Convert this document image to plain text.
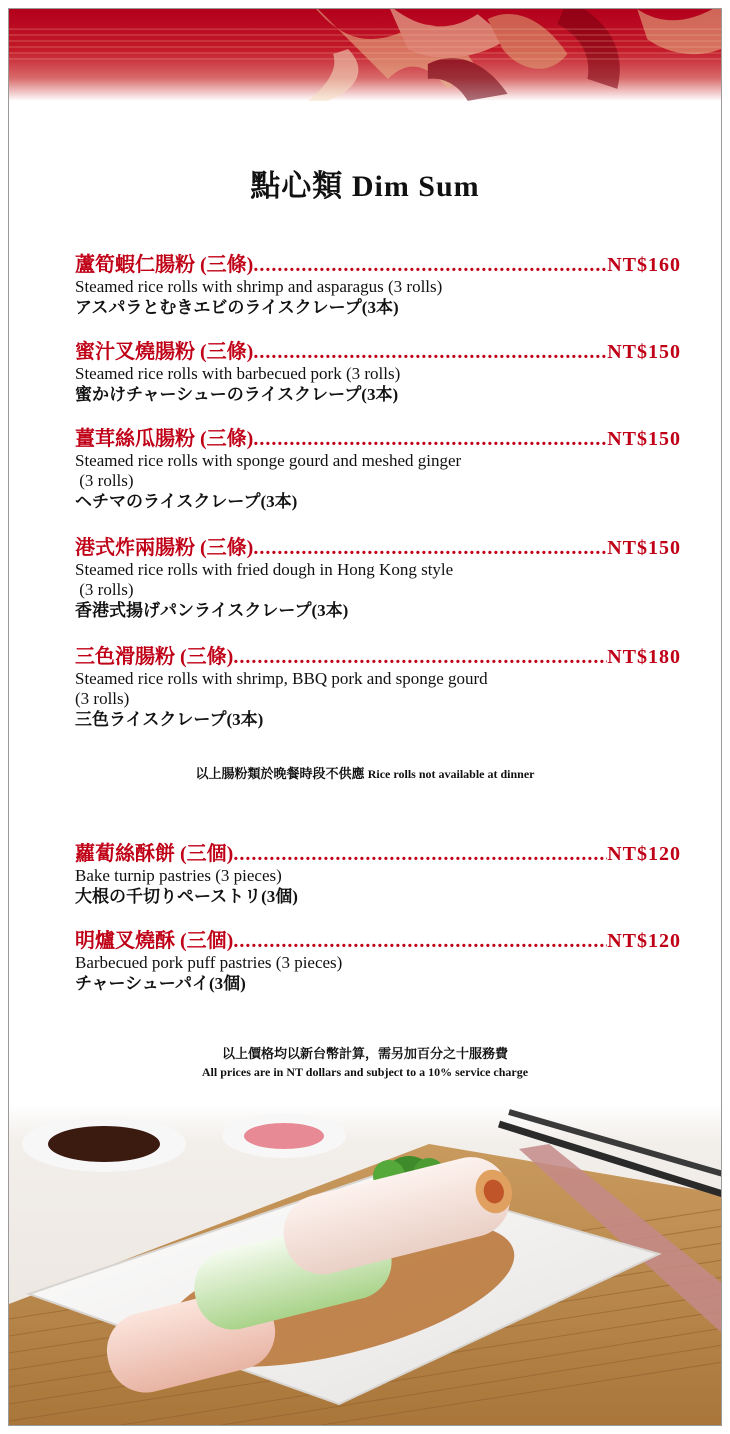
點心類 Dim Sum
蘆筍蝦仁腸粉 (三條) .....	NT$160
Steamed rice rolls with shrimp and asparagus (3 rolls)
アスパラとむきエビのライスクレープ(3本)
蜜汁叉燒腸粉 (三條) .....	NT$150
Steamed rice rolls with barbecued pork (3 rolls)
蜜かけチャーシューのライスクレープ(3本)
薑茸絲瓜腸粉 (三條) .....	NT$150
Steamed rice rolls with sponge gourd and meshed ginger
(3 rolls)
ヘチマのライスクレープ(3本)
港式炸兩腸粉 (三條) .....	NT$150
Steamed rice rolls with fried dough in Hong Kong style
(3 rolls)
香港式揚げパンライスクレープ(3本)
三色滑腸粉 (三條) .....	NT$180
Steamed rice rolls with shrimp, BBQ pork and sponge gourd
(3 rolls)
三色ライスクレープ(3本)
蘿蔔絲酥餅 (三個) .....	NT$120
Bake turnip pastries (3 pieces)
大根の千切りペーストリ(3個)
明爐叉燒酥 (三個) .....	NT$120
Barbecued pork puff pastries (3 pieces)
チャーシューパイ(3個)
以上腸粉類於晚餐時段不供應 Rice rolls not available at dinner
以上價格均以新台幣計算，需另加百分之十服務費
All prices are in NT dollars and subject to a 10% service charge
